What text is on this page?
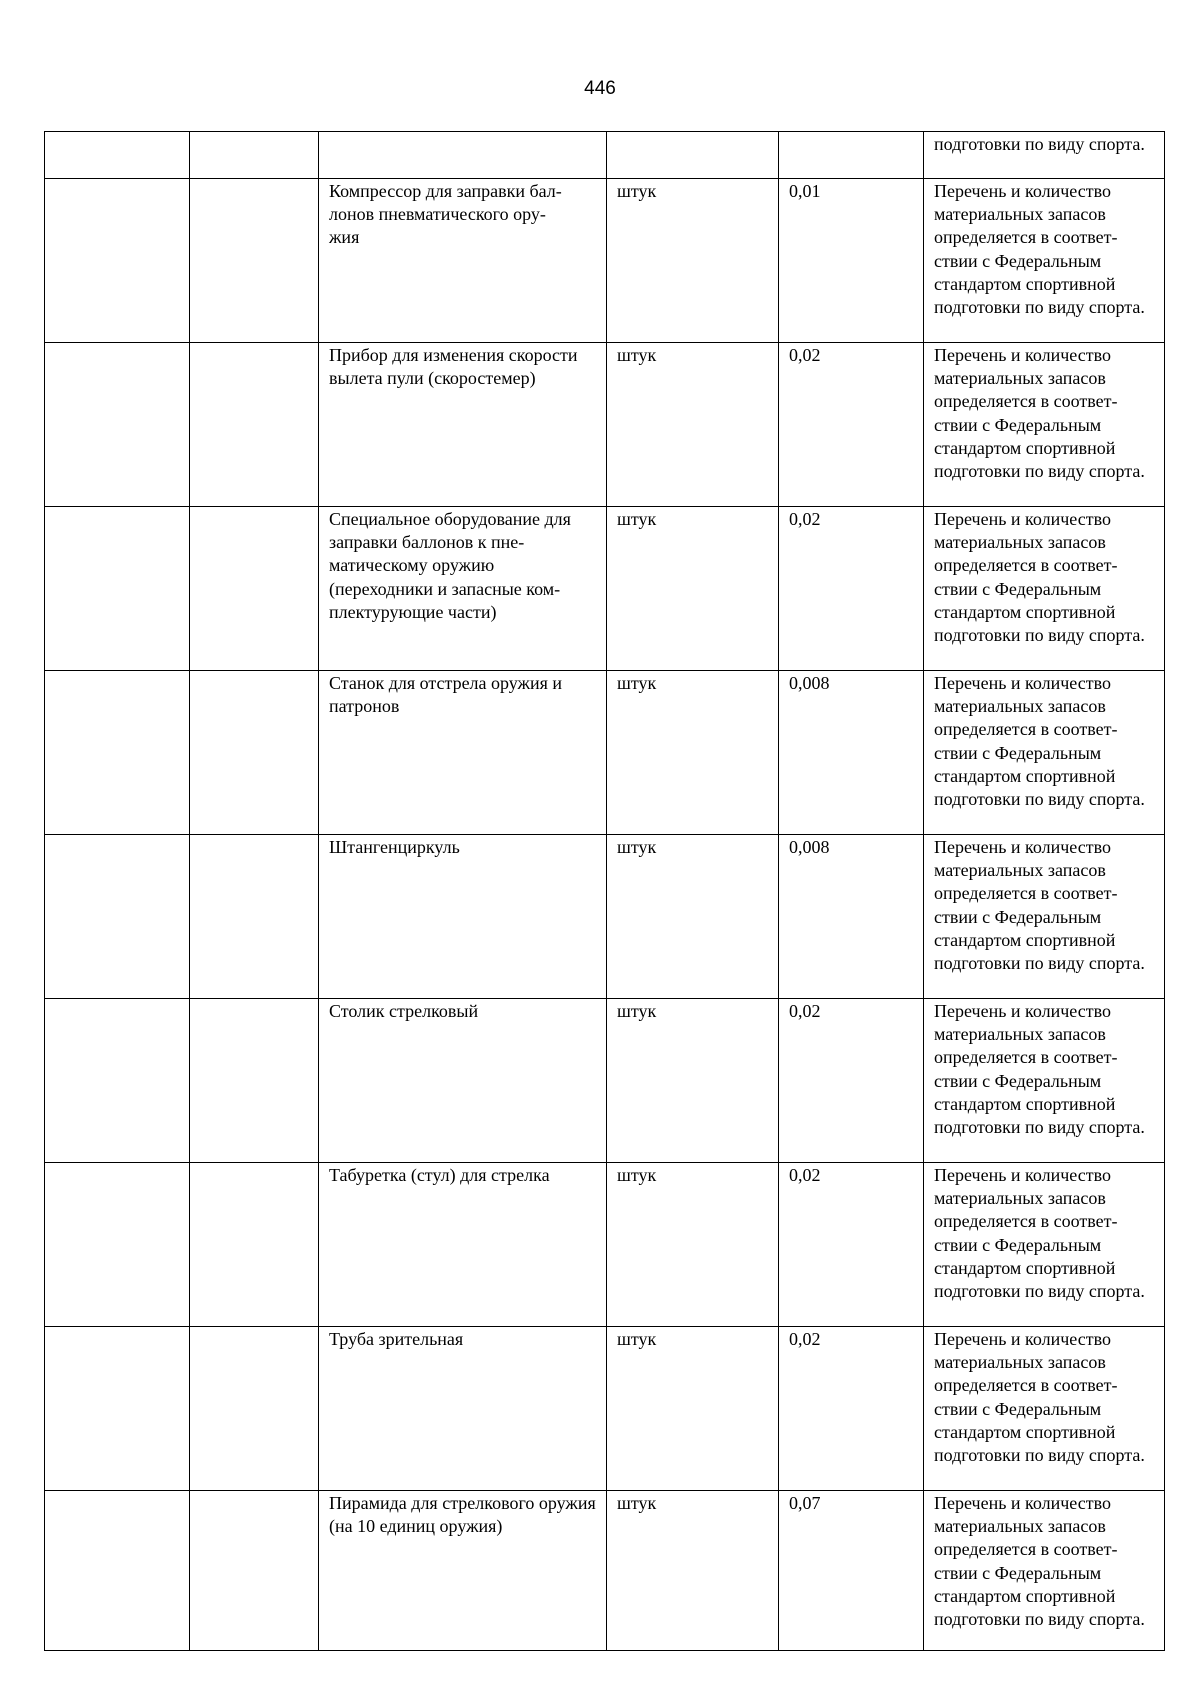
446
					подготовки по виду спорта.
		Компрессор для заправки бал-
лонов пневматического ору-
жия	штук	0,01	Перечень и количество материальных запасов определяется в соответ-
ствии с Федеральным стандартом спортивной подготовки по виду спорта.
		Прибор для изменения скорости вылета пули (скоростемер)	штук	0,02	Перечень и количество материальных запасов определяется в соответ-
ствии с Федеральным стандартом спортивной подготовки по виду спорта.
		Специальное оборудование для заправки баллонов к пне-
матическому оружию (переходники и запасные ком-
плектурующие части)	штук	0,02	Перечень и количество материальных запасов определяется в соответ-
ствии с Федеральным стандартом спортивной подготовки по виду спорта.
		Станок для отстрела оружия и патронов	штук	0,008	Перечень и количество материальных запасов определяется в соответ-
ствии с Федеральным стандартом спортивной подготовки по виду спорта.
		Штангенциркуль	штук	0,008	Перечень и количество материальных запасов определяется в соответ-
ствии с Федеральным стандартом спортивной подготовки по виду спорта.
		Столик стрелковый	штук	0,02	Перечень и количество материальных запасов определяется в соответ-
ствии с Федеральным стандартом спортивной подготовки по виду спорта.
		Табуретка (стул) для стрелка	штук	0,02	Перечень и количество материальных запасов определяется в соответ-
ствии с Федеральным стандартом спортивной подготовки по виду спорта.
		Труба зрительная	штук	0,02	Перечень и количество материальных запасов определяется в соответ-
ствии с Федеральным стандартом спортивной подготовки по виду спорта.
		Пирамида для стрелкового оружия (на 10 единиц оружия)	штук	0,07	Перечень и количество материальных запасов определяется в соответ-
ствии с Федеральным стандартом спортивной подготовки по виду спорта.
